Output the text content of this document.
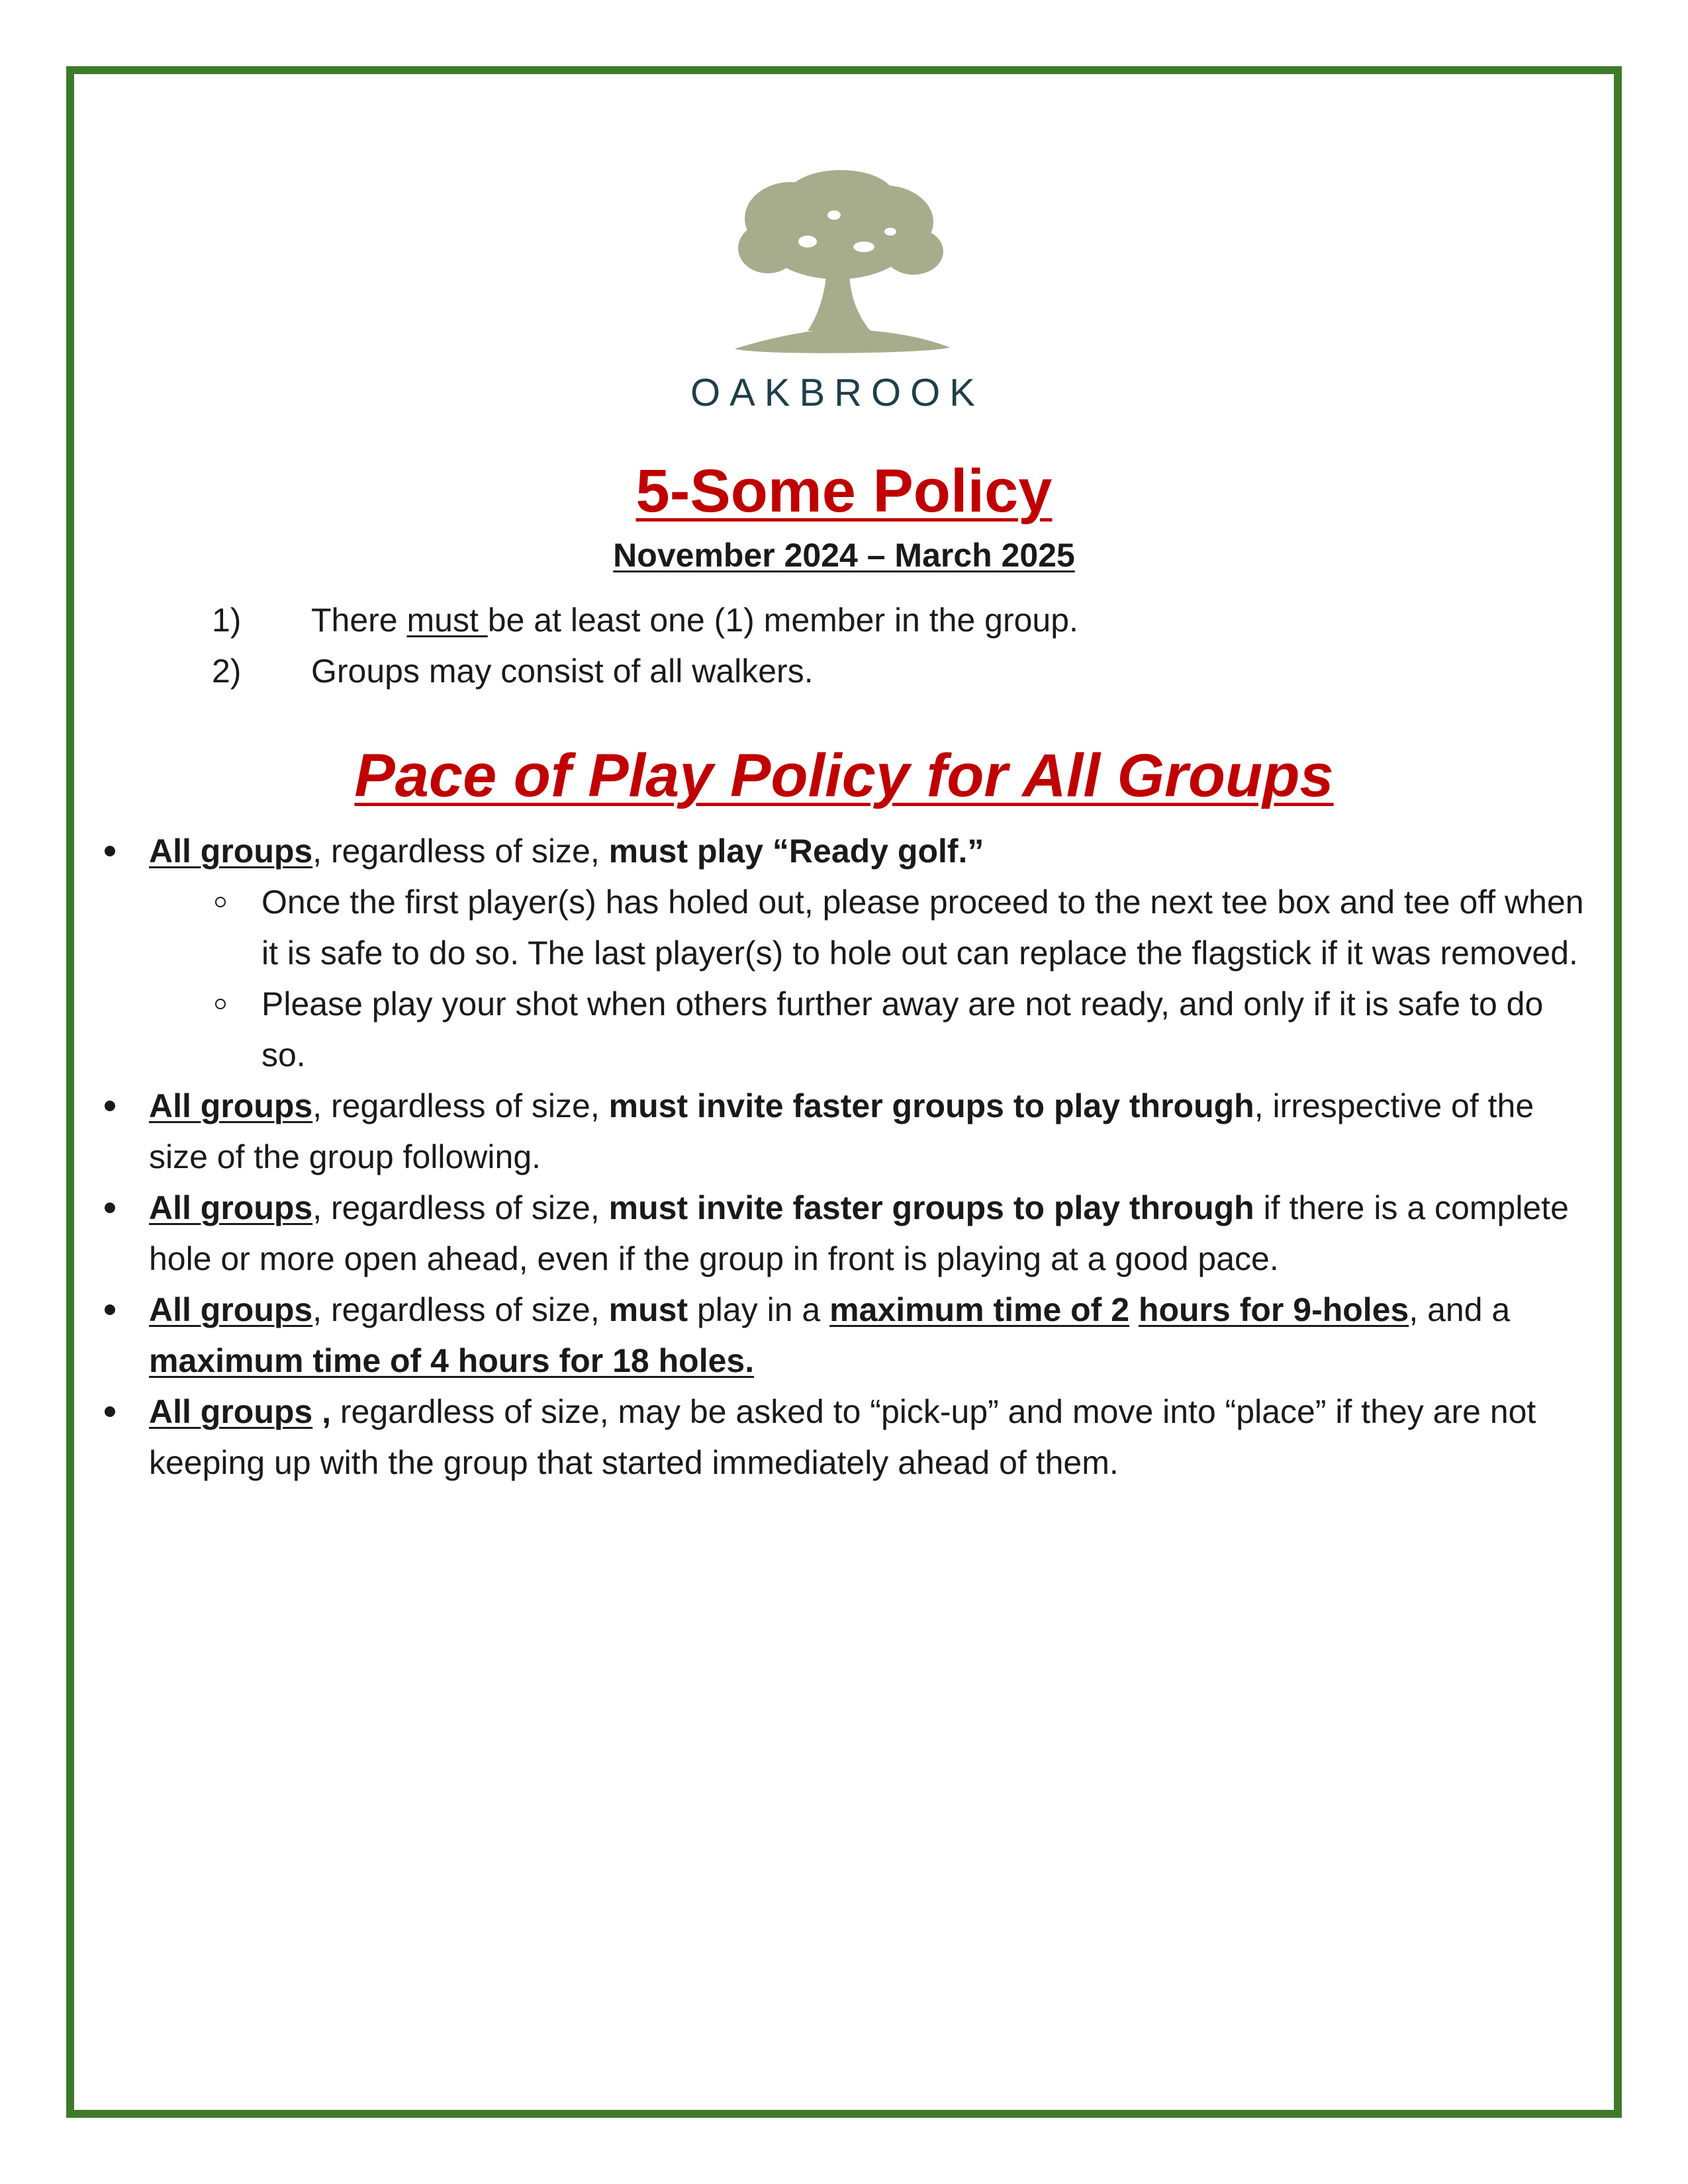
OAKBROOK
5-Some Policy
November 2024 – March 2025
1)	There must be at least one (1) member in the group.
2)	Groups may consist of all walkers.
Pace of Play Policy for All Groups
All groups, regardless of size, must play “Ready golf.”
Once the first player(s) has holed out, please proceed to the next tee box and tee off when it is safe to do so. The last player(s) to hole out can replace the flagstick if it was removed.
Please play your shot when others further away are not ready, and only if it is safe to do so.
All groups, regardless of size, must invite faster groups to play through, irrespective of the size of the group following.
All groups, regardless of size, must invite faster groups to play through if there is a complete hole or more open ahead, even if the group in front is playing at a good pace.
All groups, regardless of size, must play in a maximum time of 2 hours for 9-holes, and a maximum time of 4 hours for 18 holes.
All groups , regardless of size, may be asked to “pick-up” and move into “place” if they are not keeping up with the group that started immediately ahead of them.
